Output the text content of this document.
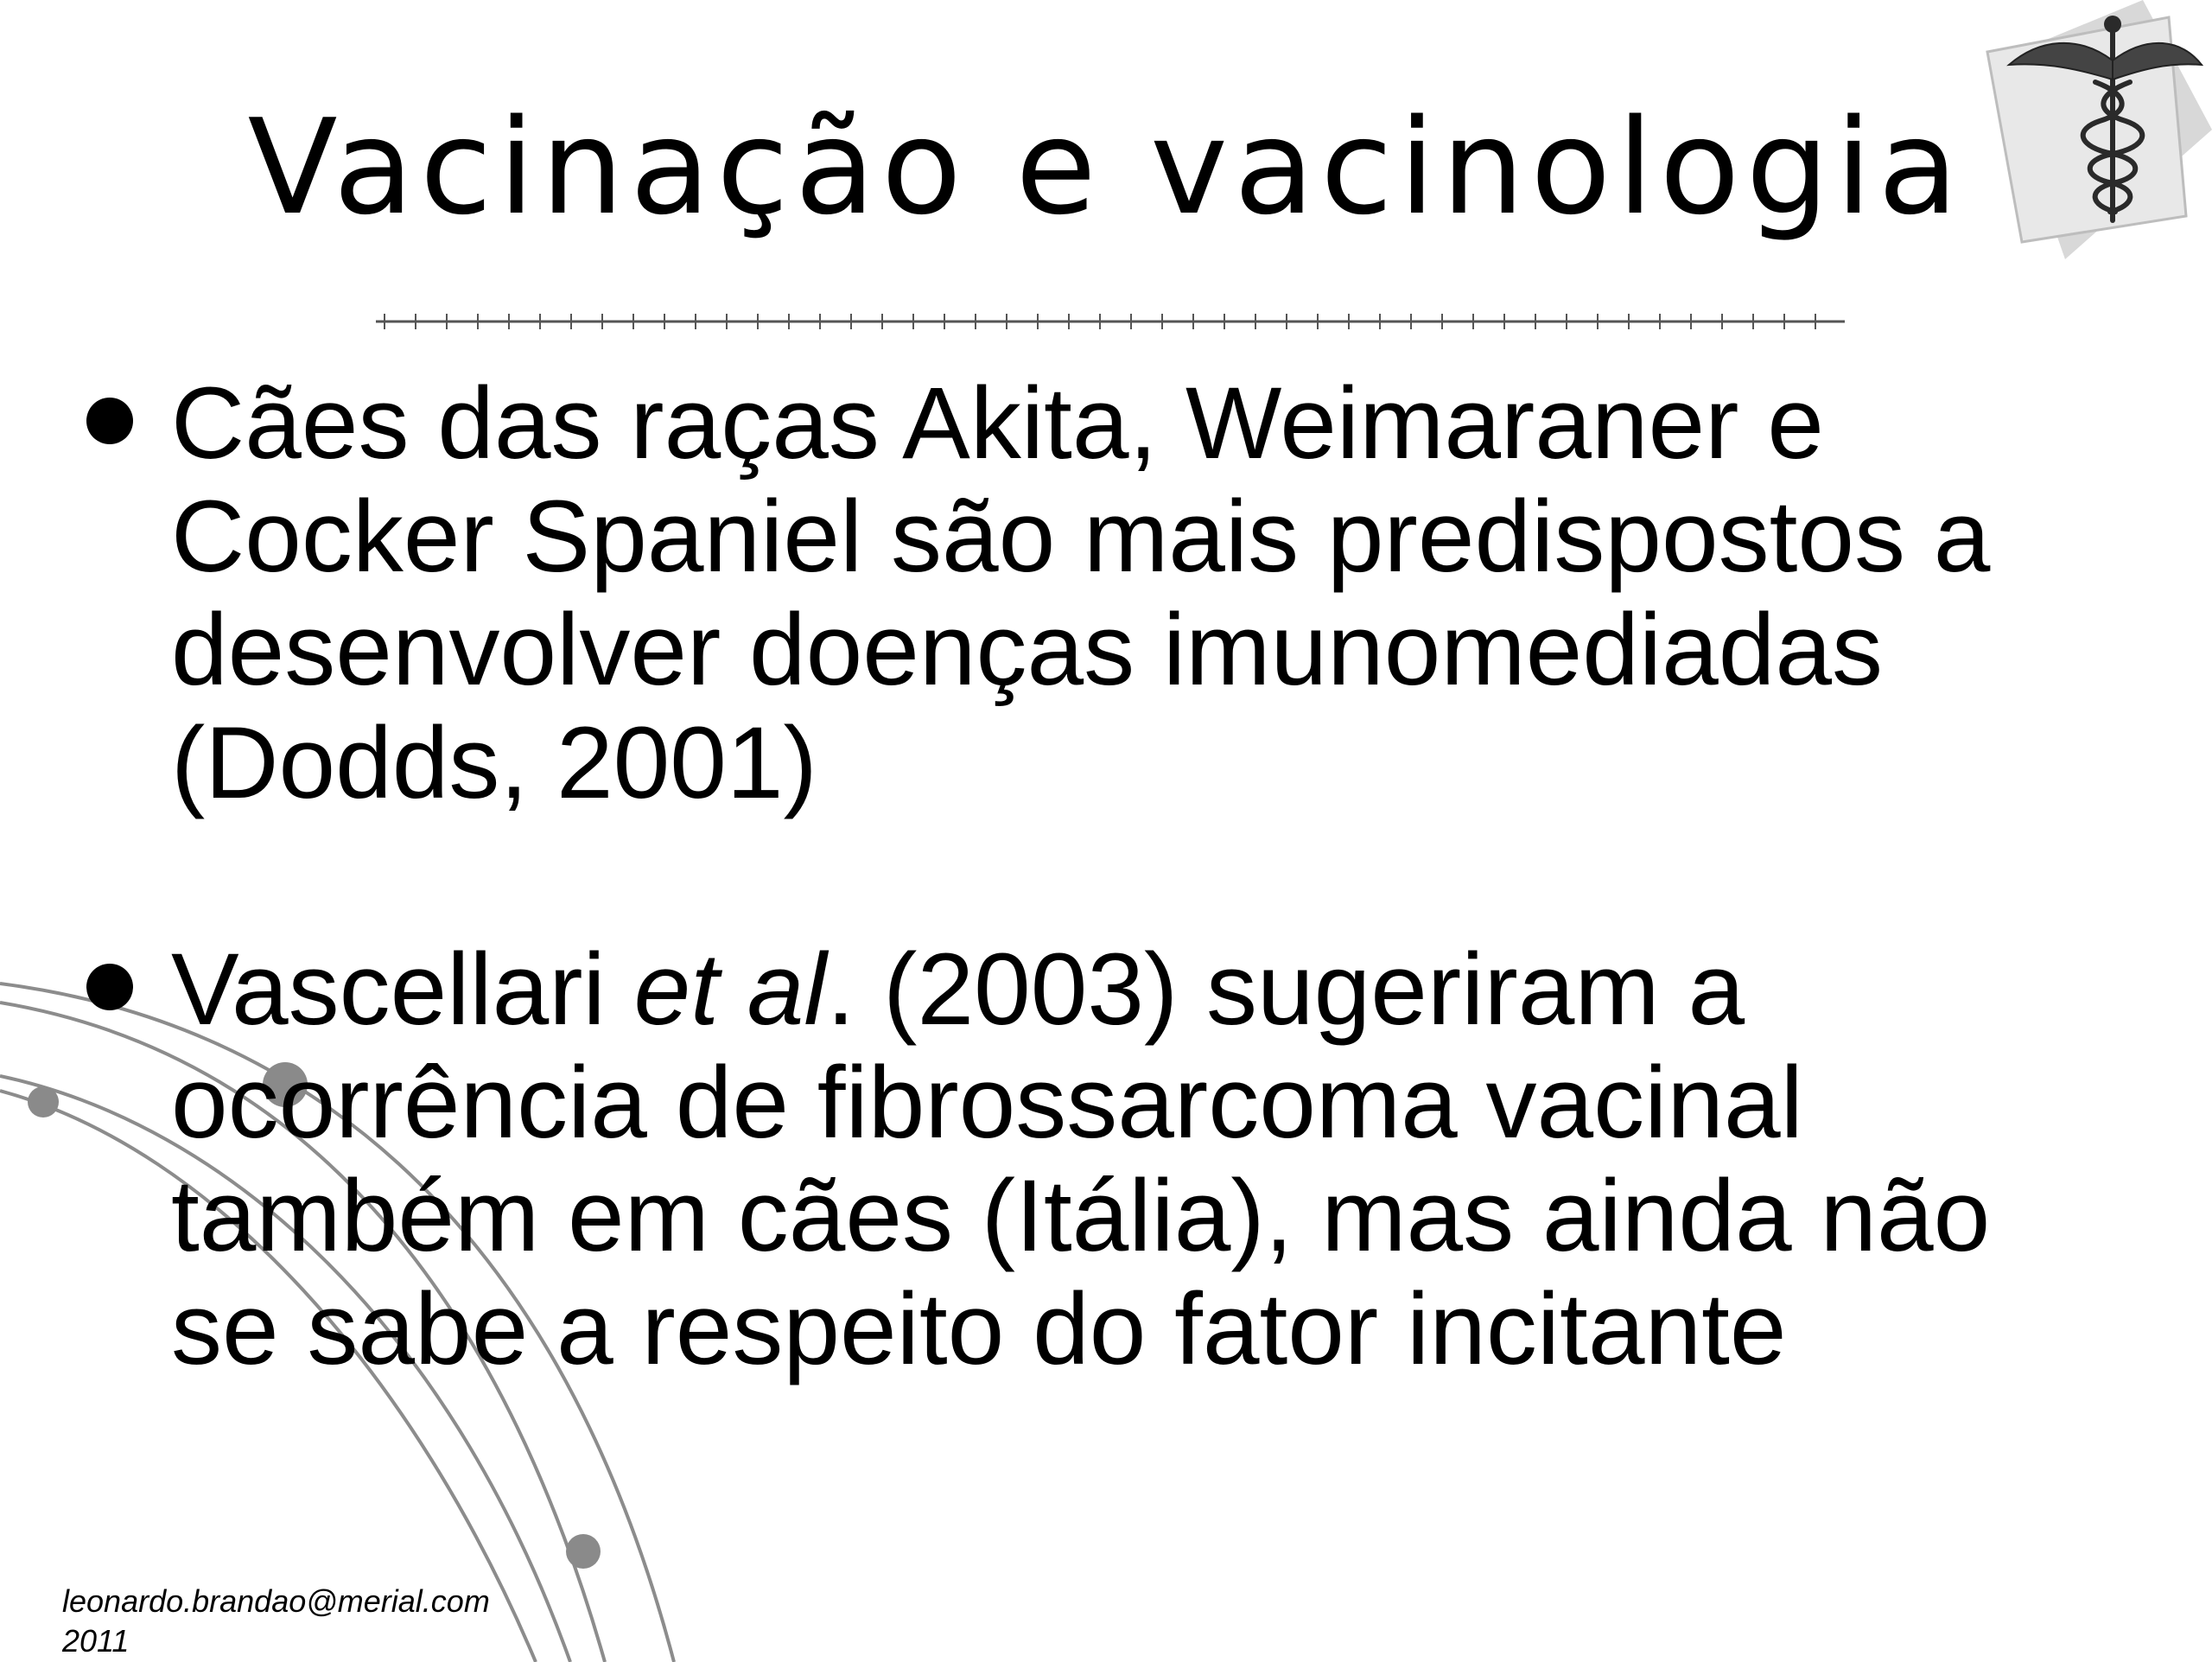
Vacinação e vacinologia
Cães das raças Akita, Weimaraner e
Cocker Spaniel são mais predispostos a
desenvolver doenças imunomediadas
(Dodds, 2001)
Vascellari et al. (2003) sugeriram a
ocorrência de fibrossarcoma vacinal
também em cães (Itália), mas ainda não
se sabe a respeito do fator incitante
leonardo.brandao@merial.com
2011
